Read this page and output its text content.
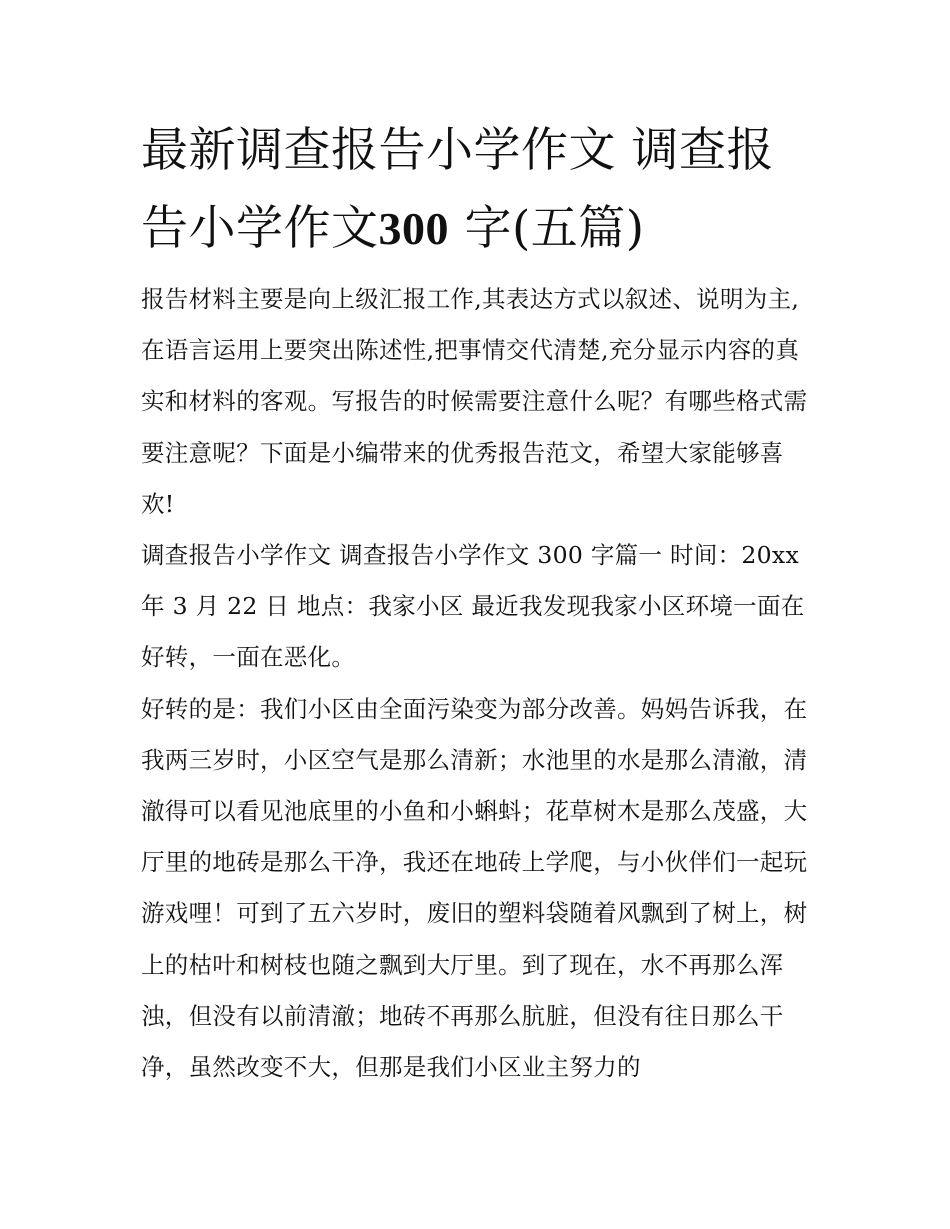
最新调查报告小学作文 调查报告小学作文300 字(五篇)

报告材料主要是向上级汇报工作,其表达方式以叙述、说明为主,在语言运用上要突出陈述性,把事情交代清楚,充分显示内容的真实和材料的客观。写报告的时候需要注意什么呢？有哪些格式需要注意呢？下面是小编带来的优秀报告范文，希望大家能够喜欢!

调查报告小学作文 调查报告小学作文 300 字篇一 时间：20xx 年 3 月 22 日 地点：我家小区 最近我发现我家小区环境一面在好转，一面在恶化。

好转的是：我们小区由全面污染变为部分改善。妈妈告诉我，在我两三岁时，小区空气是那么清新；水池里的水是那么清澈，清澈得可以看见池底里的小鱼和小蝌蚪；花草树木是那么茂盛，大厅里的地砖是那么干净，我还在地砖上学爬，与小伙伴们一起玩游戏哩！可到了五六岁时，废旧的塑料袋随着风飘到了树上，树上的枯叶和树枝也随之飘到大厅里。到了现在，水不再那么浑浊，但没有以前清澈；地砖不再那么肮脏，但没有往日那么干净，虽然改变不大，但那是我们小区业主努力的
